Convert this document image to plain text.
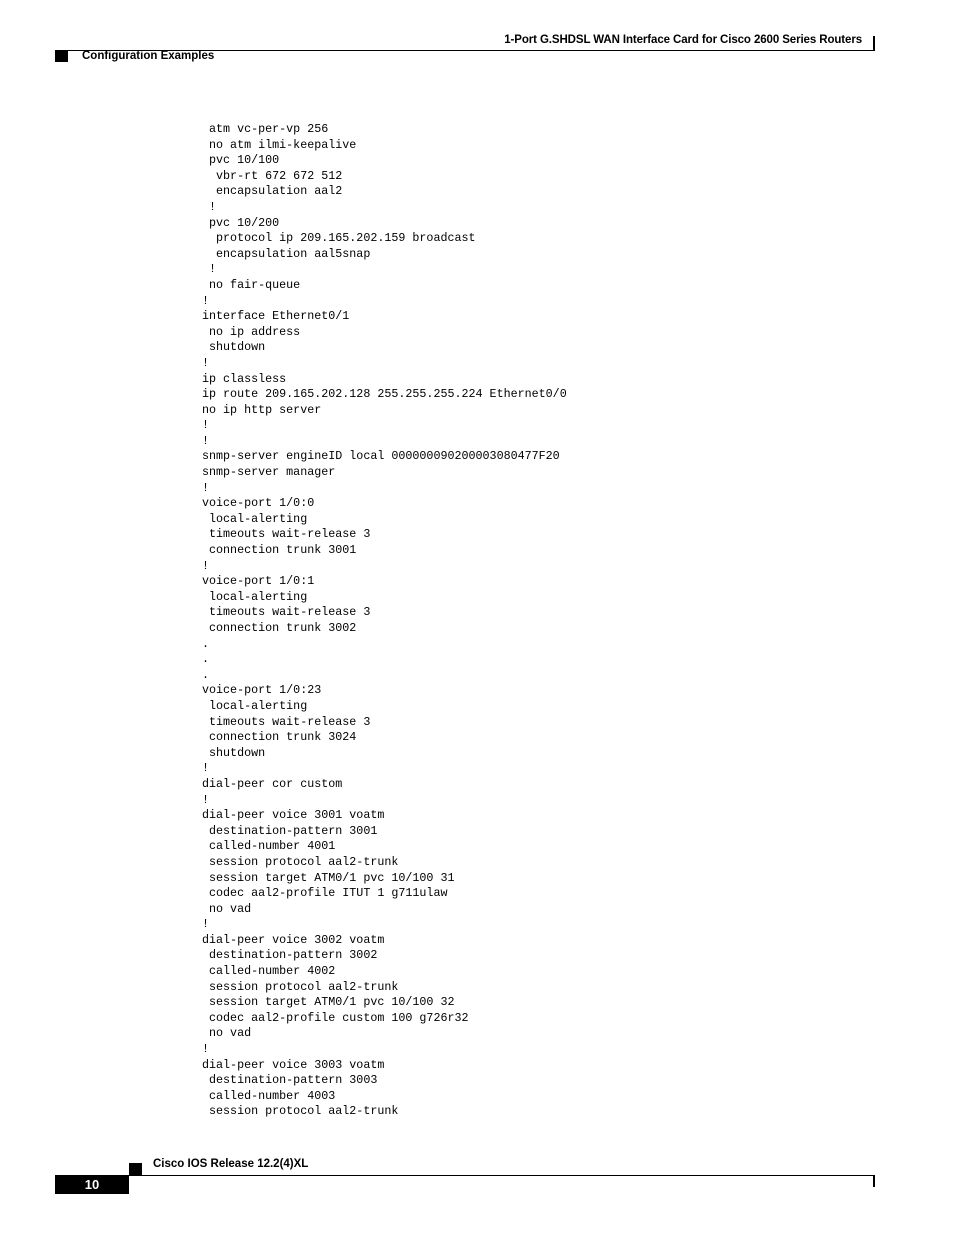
1-Port G.SHDSL WAN Interface Card for Cisco 2600 Series Routers
Configuration Examples
atm vc-per-vp 256
no atm ilmi-keepalive
pvc 10/100
vbr-rt 672 672 512
encapsulation aal2
!
pvc 10/200
protocol ip 209.165.202.159 broadcast
encapsulation aal5snap
!
no fair-queue
!
interface Ethernet0/1
no ip address
shutdown
!
ip classless
ip route 209.165.202.128 255.255.255.224 Ethernet0/0
no ip http server
!
!
snmp-server engineID local 000000090200003080477F20
snmp-server manager
!
voice-port 1/0:0
local-alerting
timeouts wait-release 3
connection trunk 3001
!
voice-port 1/0:1
local-alerting
timeouts wait-release 3
connection trunk 3002
.
.
.
voice-port 1/0:23
local-alerting
timeouts wait-release 3
connection trunk 3024
shutdown
!
dial-peer cor custom
!
dial-peer voice 3001 voatm
destination-pattern 3001
called-number 4001
session protocol aal2-trunk
session target ATM0/1 pvc 10/100 31
codec aal2-profile ITUT 1 g711ulaw
no vad
!
dial-peer voice 3002 voatm
destination-pattern 3002
called-number 4002
session protocol aal2-trunk
session target ATM0/1 pvc 10/100 32
codec aal2-profile custom 100 g726r32
no vad
!
dial-peer voice 3003 voatm
destination-pattern 3003
called-number 4003
session protocol aal2-trunk
Cisco IOS Release 12.2(4)XL
10
